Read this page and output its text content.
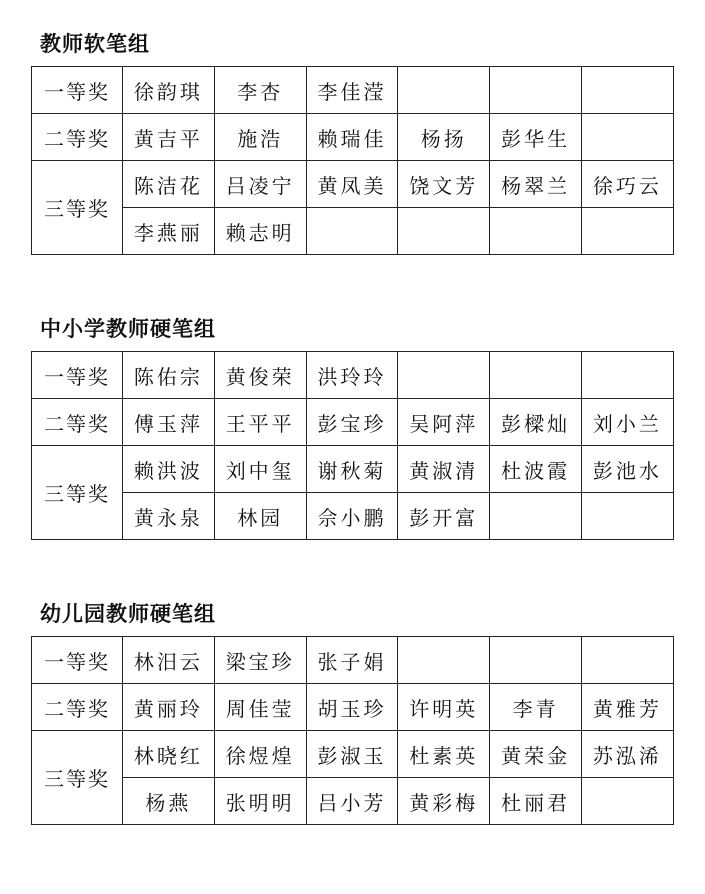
教师软笔组
一等奖	徐韵琪	李杏	李佳滢			
二等奖	黄吉平	施浩	赖瑞佳	杨扬	彭华生	
三等奖	陈洁花	吕凌宁	黄凤美	饶文芳	杨翠兰	徐巧云
	李燕丽	赖志明				
中小学教师硬笔组
一等奖	陈佑宗	黄俊荣	洪玲玲			
二等奖	傅玉萍	王平平	彭宝珍	吴阿萍	彭樑灿	刘小兰
三等奖	赖洪波	刘中玺	谢秋菊	黄淑清	杜波霞	彭池水
	黄永泉	林园	佘小鹏	彭开富		
幼儿园教师硬笔组
一等奖	林汨云	梁宝珍	张子娟			
二等奖	黄丽玲	周佳莹	胡玉珍	许明英	李青	黄雅芳
三等奖	林晓红	徐煜煌	彭淑玉	杜素英	黄荣金	苏泓浠
	杨燕	张明明	吕小芳	黄彩梅	杜丽君	
